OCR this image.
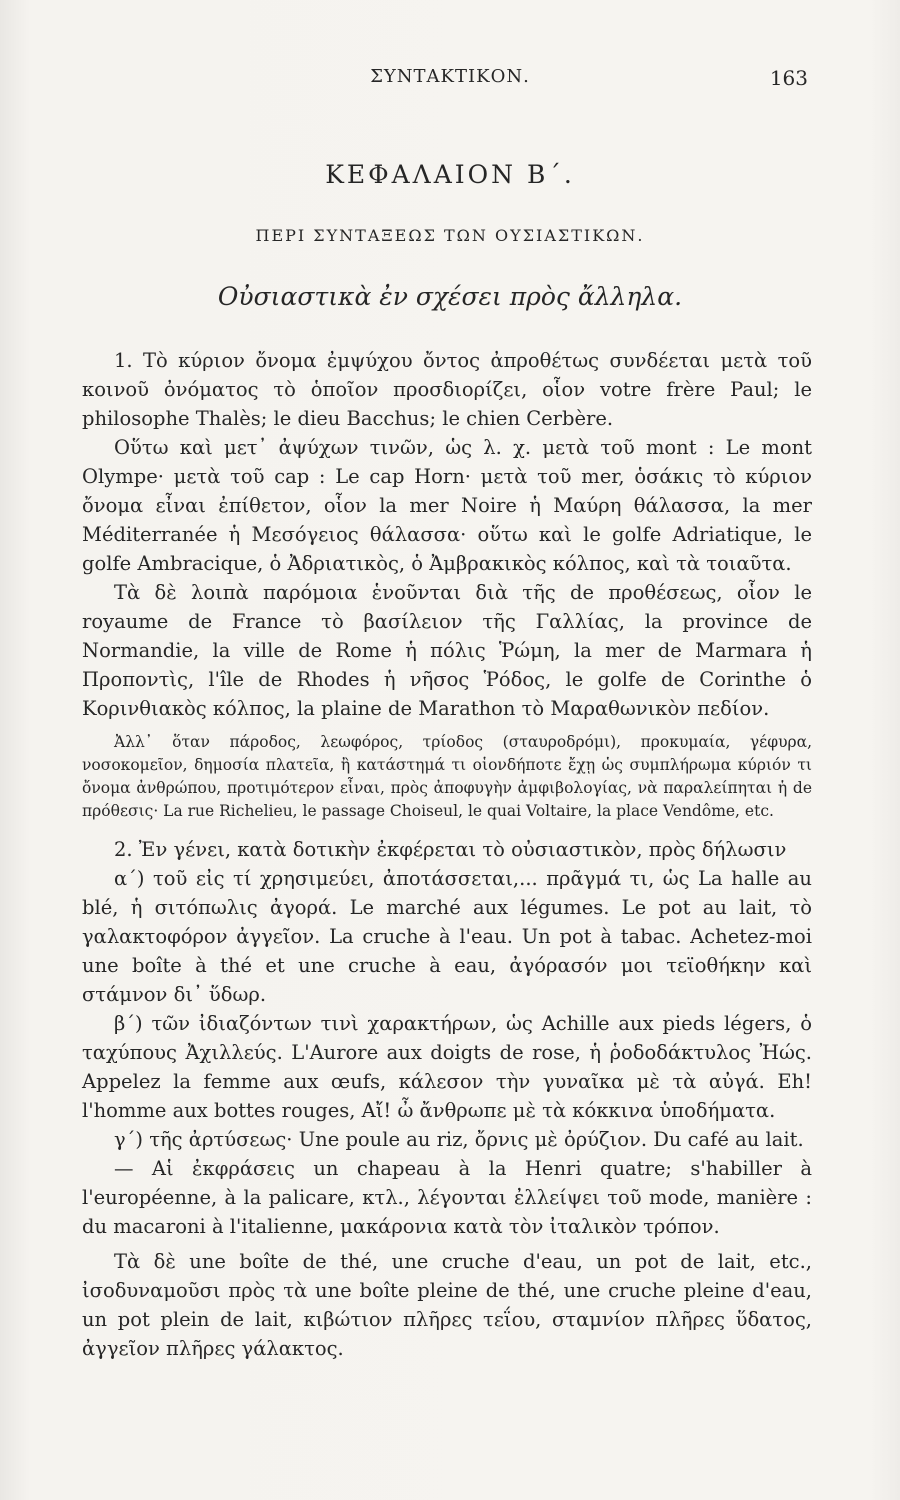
ΣΥΝΤΑΚΤΙΚΟΝ.	163
ΚΕΦΑΛΑΙΟΝ Β΄.
ΠΕΡΙ ΣΥΝΤΑΞΕΩΣ ΤΩΝ ΟΥΣΙΑΣΤΙΚΩΝ.
Οὐσιαστικὰ ἐν σχέσει πρὸς ἄλληλα.

1. Τὸ κύριον ὄνομα ἐμψύχου ὄντος ἀπροθέτως συνδέεται μετὰ τοῦ κοινοῦ ὀνόματος τὸ ὁποῖον προσδιορίζει, οἷον votre frère Paul; le philosophe Thalès; le dieu Bacchus; le chien Cerbère.

Οὕτω καὶ μετ᾽ ἀψύχων τινῶν, ὡς λ. χ. μετὰ τοῦ mont : Le mont Olympe· μετὰ τοῦ cap : Le cap Horn· μετὰ τοῦ mer, ὁσάκις τὸ κύριον ὄνομα εἶναι ἐπίθετον, οἷον la mer Noire ἡ Μαύρη θάλασσα, la mer Méditerranée ἡ Μεσόγειος θάλασσα· οὕτω καὶ le golfe Adriatique, le golfe Ambracique, ὁ Ἀδριατικὸς, ὁ Ἀμβρακικὸς κόλπος, καὶ τὰ τοιαῦτα.

Τὰ δὲ λοιπὰ παρόμοια ἑνοῦνται διὰ τῆς de προθέσεως, οἷον le royaume de France τὸ βασίλειον τῆς Γαλλίας, la province de Normandie, la ville de Rome ἡ πόλις Ῥώμη, la mer de Marmara ἡ Προποντὶς, l'île de Rhodes ἡ νῆσος Ῥόδος, le golfe de Corinthe ὁ Κορινθιακὸς κόλπος, la plaine de Marathon τὸ Μαραθωνικὸν πεδίον.

Ἀλλ᾽ ὅταν πάροδος, λεωφόρος, τρίοδος (σταυροδρόμι), προκυμαία, γέφυρα, νοσοκομεῖον, δημοσία πλατεῖα, ἢ κατάστημά τι οἱονδήποτε ἔχῃ ὡς συμπλήρωμα κύριόν τι ὄνομα ἀνθρώπου, προτιμότερον εἶναι, πρὸς ἀποφυγὴν ἀμφιβολογίας, νὰ παραλείπηται ἡ de πρόθεσις· La rue Richelieu, le passage Choiseul, le quai Voltaire, la place Vendôme, etc.

2. Ἐν γένει, κατὰ δοτικὴν ἐκφέρεται τὸ οὐσιαστικὸν, πρὸς δήλωσιν

α΄) τοῦ εἰς τί χρησιμεύει, ἀποτάσσεται,... πρᾶγμά τι, ὡς La halle au blé, ἡ σιτόπωλις ἀγορά. Le marché aux légumes. Le pot au lait, τὸ γαλακτοφόρον ἀγγεῖον. La cruche à l'eau. Un pot à tabac. Achetez-moi une boîte à thé et une cruche à eau, ἀγόρασόν μοι τεϊοθήκην καὶ στάμνον δι᾽ ὕδωρ.

β΄) τῶν ἰδιαζόντων τινὶ χαρακτήρων, ὡς Achille aux pieds légers, ὁ ταχύπους Ἀχιλλεύς. L'Aurore aux doigts de rose, ἡ ῥοδοδάκτυλος Ἠώς. Appelez la femme aux œufs, κάλεσον τὴν γυναῖκα μὲ τὰ αὐγά. Eh! l'homme aux bottes rouges, Αἴ! ὦ ἄνθρωπε μὲ τὰ κόκκινα ὑποδήματα.

γ΄) τῆς ἀρτύσεως· Une poule au riz, ὄρνις μὲ ὀρύζιον. Du café au lait.

— Αἱ ἐκφράσεις un chapeau à la Henri quatre; s'habiller à l'européenne, à la palicare, κτλ., λέγονται ἐλλείψει τοῦ mode, manière : du macaroni à l'italienne, μακάρονια κατὰ τὸν ἰταλικὸν τρόπον.

Τὰ δὲ une boîte de thé, une cruche d'eau, un pot de lait, etc., ἰσοδυναμοῦσι πρὸς τὰ une boîte pleine de thé, une cruche pleine d'eau, un pot plein de lait, κιβώτιον πλῆρες τεΐου, σταμνίον πλῆρες ὕδατος, ἀγγεῖον πλῆρες γάλακτος.
